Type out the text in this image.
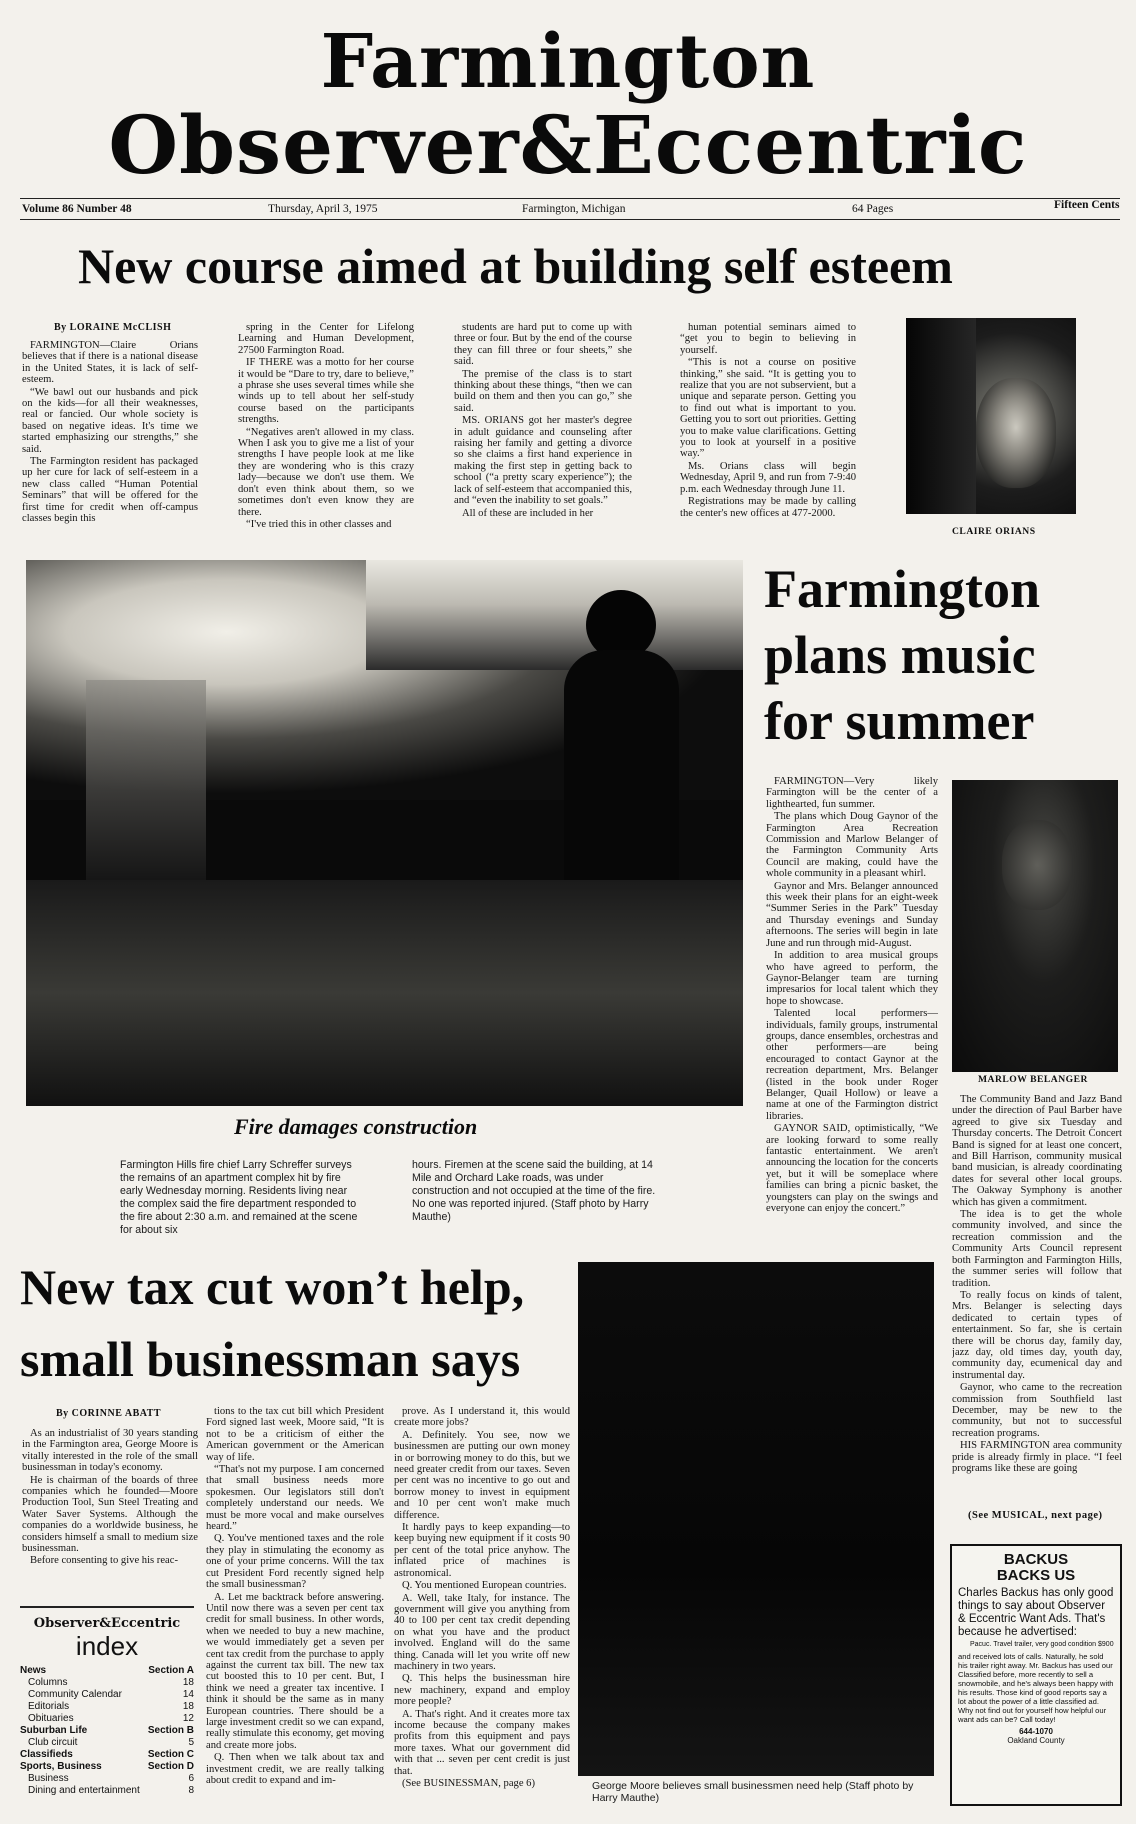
Farmington
Observer&Eccentric
Volume 86 Number 48	Thursday, April 3, 1975	Farmington, Michigan	64 Pages	Fifteen Cents
New course aimed at building self esteem
By LORAINE McCLISH

FARMINGTON—Claire Orians believes that if there is a national disease in the United States, it is lack of self-esteem.

“We bawl out our husbands and pick on the kids—for all their weaknesses, real or fancied. Our whole society is based on negative ideas. It's time we started emphasizing our strengths,” she said.

The Farmington resident has packaged up her cure for lack of self-esteem in a new class called “Human Potential Seminars” that will be offered for the first time for credit when off-campus classes begin this

spring in the Center for Lifelong Learning and Human Development, 27500 Farmington Road.

IF THERE was a motto for her course it would be “Dare to try, dare to believe,” a phrase she uses several times while she winds up to tell about her self-study course based on the participants strengths.

“Negatives aren't allowed in my class. When I ask you to give me a list of your strengths I have people look at me like they are wondering who is this crazy lady—because we don't use them. We don't even think about them, so we sometimes don't even know they are there.

“I've tried this in other classes and

students are hard put to come up with three or four. But by the end of the course they can fill three or four sheets,” she said.

The premise of the class is to start thinking about these things, “then we can build on them and then you can go,” she said.

MS. ORIANS got her master's degree in adult guidance and counseling after raising her family and getting a divorce so she claims a first hand experience in making the first step in getting back to school (“a pretty scary experience”); the lack of self-esteem that accompanied this, and “even the inability to set goals.”

All of these are included in her

human potential seminars aimed to “get you to begin to believing in yourself.

“This is not a course on positive thinking,” she said. “It is getting you to realize that you are not subservient, but a unique and separate person. Getting you to find out what is important to you. Getting you to sort out priorities. Getting you to make value clarifications. Getting you to look at yourself in a positive way.”

Ms. Orians class will begin Wednesday, April 9, and run from 7-9:40 p.m. each Wednesday through June 11.

Registrations may be made by calling the center's new offices at 477-2000.

CLAIRE ORIANS
Fire damages construction
Farmington Hills fire chief Larry Schreffer surveys the remains of an apartment complex hit by fire early Wednesday morning. Residents living near the complex said the fire department responded to the fire about 2:30 a.m. and remained at the scene for about six
hours. Firemen at the scene said the building, at 14 Mile and Orchard Lake roads, was under construction and not occupied at the time of the fire. No one was reported injured. (Staff photo by Harry Mauthe)
Farmington
plans music
for summer

FARMINGTON—Very likely Farmington will be the center of a lighthearted, fun summer.

The plans which Doug Gaynor of the Farmington Area Recreation Commission and Marlow Belanger of the Farmington Community Arts Council are making, could have the whole community in a pleasant whirl.

Gaynor and Mrs. Belanger announced this week their plans for an eight-week “Summer Series in the Park” Tuesday and Thursday evenings and Sunday afternoons. The series will begin in late June and run through mid-August.

In addition to area musical groups who have agreed to perform, the Gaynor-Belanger team are turning impresarios for local talent which they hope to showcase.

Talented local performers—individuals, family groups, instrumental groups, dance ensembles, orchestras and other performers—are being encouraged to contact Gaynor at the recreation department, Mrs. Belanger (listed in the book under Roger Belanger, Quail Hollow) or leave a name at one of the Farmington district libraries.

GAYNOR SAID, optimistically, “We are looking forward to some really fantastic entertainment. We aren't announcing the location for the concerts yet, but it will be someplace where families can bring a picnic basket, the youngsters can play on the swings and everyone can enjoy the concert.”

MARLOW BELANGER

The Community Band and Jazz Band under the direction of Paul Barber have agreed to give six Tuesday and Thursday concerts. The Detroit Concert Band is signed for at least one concert, and Bill Harrison, community musical band musician, is already coordinating dates for several other local groups. The Oakway Symphony is another which has given a commitment.

The idea is to get the whole community involved, and since the recreation commission and the Community Arts Council represent both Farmington and Farmington Hills, the summer series will follow that tradition.

To really focus on kinds of talent, Mrs. Belanger is selecting days dedicated to certain types of entertainment. So far, she is certain there will be chorus day, family day, jazz day, old times day, youth day, community day, ecumenical day and instrumental day.

Gaynor, who came to the recreation commission from Southfield last December, may be new to the community, but not to successful recreation programs.

HIS FARMINGTON area community pride is already firmly in place. “I feel programs like these are going

(See MUSICAL, next page)
New tax cut won’t help,
small businessman says
By CORINNE ABATT

As an industrialist of 30 years standing in the Farmington area, George Moore is vitally interested in the role of the small businessman in today's economy.

He is chairman of the boards of three companies which he founded—Moore Production Tool, Sun Steel Treating and Water Saver Systems. Although the companies do a worldwide business, he considers himself a small to medium size businessman.

Before consenting to give his reac-

tions to the tax cut bill which President Ford signed last week, Moore said, “It is not to be a criticism of either the American government or the American way of life.

“That's not my purpose. I am concerned that small business needs more spokesmen. Our legislators still don't completely understand our needs. We must be more vocal and make ourselves heard.”

Q. You've mentioned taxes and the role they play in stimulating the economy as one of your prime concerns. Will the tax cut President Ford recently signed help the small businessman?

A. Let me backtrack before answering. Until now there was a seven per cent tax credit for small business. In other words, when we needed to buy a new machine, we would immediately get a seven per cent tax credit from the purchase to apply against the current tax bill. The new tax cut boosted this to 10 per cent. But, I think we need a greater tax incentive. I think it should be the same as in many European countries. There should be a large investment credit so we can expand, really stimulate this economy, get moving and create more jobs.

Q. Then when we talk about tax and investment credit, we are really talking about credit to expand and im-

prove. As I understand it, this would create more jobs?

A. Definitely. You see, now we businessmen are putting our own money in or borrowing money to do this, but we need greater credit from our taxes. Seven per cent was no incentive to go out and borrow money to invest in equipment and 10 per cent won't make much difference.

It hardly pays to keep expanding—to keep buying new equipment if it costs 90 per cent of the total price anyhow. The inflated price of machines is astronomical.

Q. You mentioned European countries.

A. Well, take Italy, for instance. The government will give you anything from 40 to 100 per cent tax credit depending on what you have and the product involved. England will do the same thing. Canada will let you write off new machinery in two years.

Q. This helps the businessman hire new machinery, expand and employ more people?

A. That's right. And it creates more tax income because the company makes profits from this equipment and pays more taxes. What our government did with that ... seven per cent credit is just that.

(See BUSINESSMAN, page 6)	George Moore believes small businessmen need help (Staff photo by Harry Mauthe)
Observer&Eccentric
index
News	Section A
Columns	18
Community Calendar	14
Editorials	18
Obituaries	12
Suburban Life	Section B
Club circuit	5
Classifieds	Section C
Sports, Business	Section D
Business	6
Dining and entertainment	8
BACKUS
BACKS US
Charles Backus has only good things to say about Observer & Eccentric Want Ads. That's because he advertised:
Pacuc. Travel trailer, very good condition $900
and received lots of calls. Naturally, he sold his trailer right away. Mr. Backus has used our Classified before, more recently to sell a snowmobile, and he's always been happy with his results. Those kind of good reports say a lot about the power of a little classified ad. Why not find out for yourself how helpful our want ads can be? Call today!
644-1070
Oakland County
